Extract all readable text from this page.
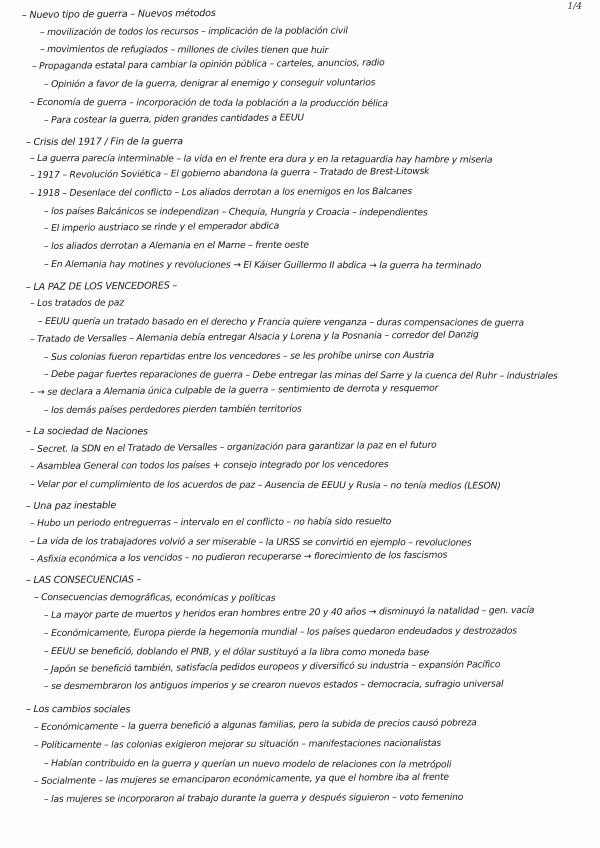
1/4
– Nuevo tipo de guerra – Nuevos métodos
– movilización de todos los recursos – implicación de la población civil
– movimientos de refugiados – millones de civiles tienen que huir
– Propaganda estatal para cambiar la opinión pública – carteles, anuncios, radio
– Opinión a favor de la guerra, denigrar al enemigo y conseguir voluntarios
– Economía de guerra – incorporación de toda la población a la producción bélica
– Para costear la guerra, piden grandes cantidades a EEUU
– Crisis del 1917 / Fin de la guerra
– La guerra parecía interminable – la vida en el frente era dura y en la retaguardia hay hambre y miseria
– 1917 – Revolución Soviética – El gobierno abandona la guerra – Tratado de Brest-Litowsk
– 1918 – Desenlace del conflicto – Los aliados derrotan a los enemigos en los Balcanes
– los países Balcánicos se independizan – Chequia, Hungría y Croacia – independientes
– El imperio austriaco se rinde y el emperador abdica
– los aliados derrotan a Alemania en el Marne – frente oeste
– En Alemania hay motines y revoluciones → El Káiser Guillermo II abdica → la guerra ha terminado
– LA PAZ DE LOS VENCEDORES –
– Los tratados de paz
– EEUU quería un tratado basado en el derecho y Francia quiere venganza – duras compensaciones de guerra
– Tratado de Versalles – Alemania debía entregar Alsacia y Lorena y la Posnania – corredor del Danzig
– Sus colonias fueron repartidas entre los vencedores – se les prohíbe unirse con Austria
– Debe pagar fuertes reparaciones de guerra – Debe entregar las minas del Sarre y la cuenca del Ruhr – industriales
– → se declara a Alemania única culpable de la guerra – sentimiento de derrota y resquemor
– los demás países perdedores pierden también territorios
– La sociedad de Naciones
– Secret. la SDN en el Tratado de Versalles – organización para garantizar la paz en el futuro
– Asamblea General con todos los países + consejo integrado por los vencedores
– Velar por el cumplimiento de los acuerdos de paz – Ausencia de EEUU y Rusia – no tenía medios (LESON)
– Una paz inestable
– Hubo un periodo entreguerras – intervalo en el conflicto – no había sido resuelto
– La vida de los trabajadores volvió a ser miserable – la URSS se convirtió en ejemplo – revoluciones
– Asfixia económica a los vencidos – no pudieron recuperarse → florecimiento de los fascismos
– LAS CONSECUENCIAS –
– Consecuencias demográficas, económicas y políticas
– La mayor parte de muertos y heridos eran hombres entre 20 y 40 años → disminuyó la natalidad – gen. vacía
– Económicamente, Europa pierde la hegemonía mundial – los países quedaron endeudados y destrozados
– EEUU se benefició, doblando el PNB, y el dólar sustituyó a la libra como moneda base
– Japón se benefició también, satisfacía pedidos europeos y diversificó su industria – expansión Pacífico
– se desmembraron los antiguos imperios y se crearon nuevos estados – democracia, sufragio universal
– Los cambios sociales
– Económicamente – la guerra benefició a algunas familias, pero la subida de precios causó pobreza
– Políticamente – las colonias exigieron mejorar su situación – manifestaciones nacionalistas
– Habían contribuido en la guerra y querían un nuevo modelo de relaciones con la metrópoli
– Socialmente – las mujeres se emanciparon económicamente, ya que el hombre iba al frente
– las mujeres se incorporaron al trabajo durante la guerra y después siguieron – voto femenino
